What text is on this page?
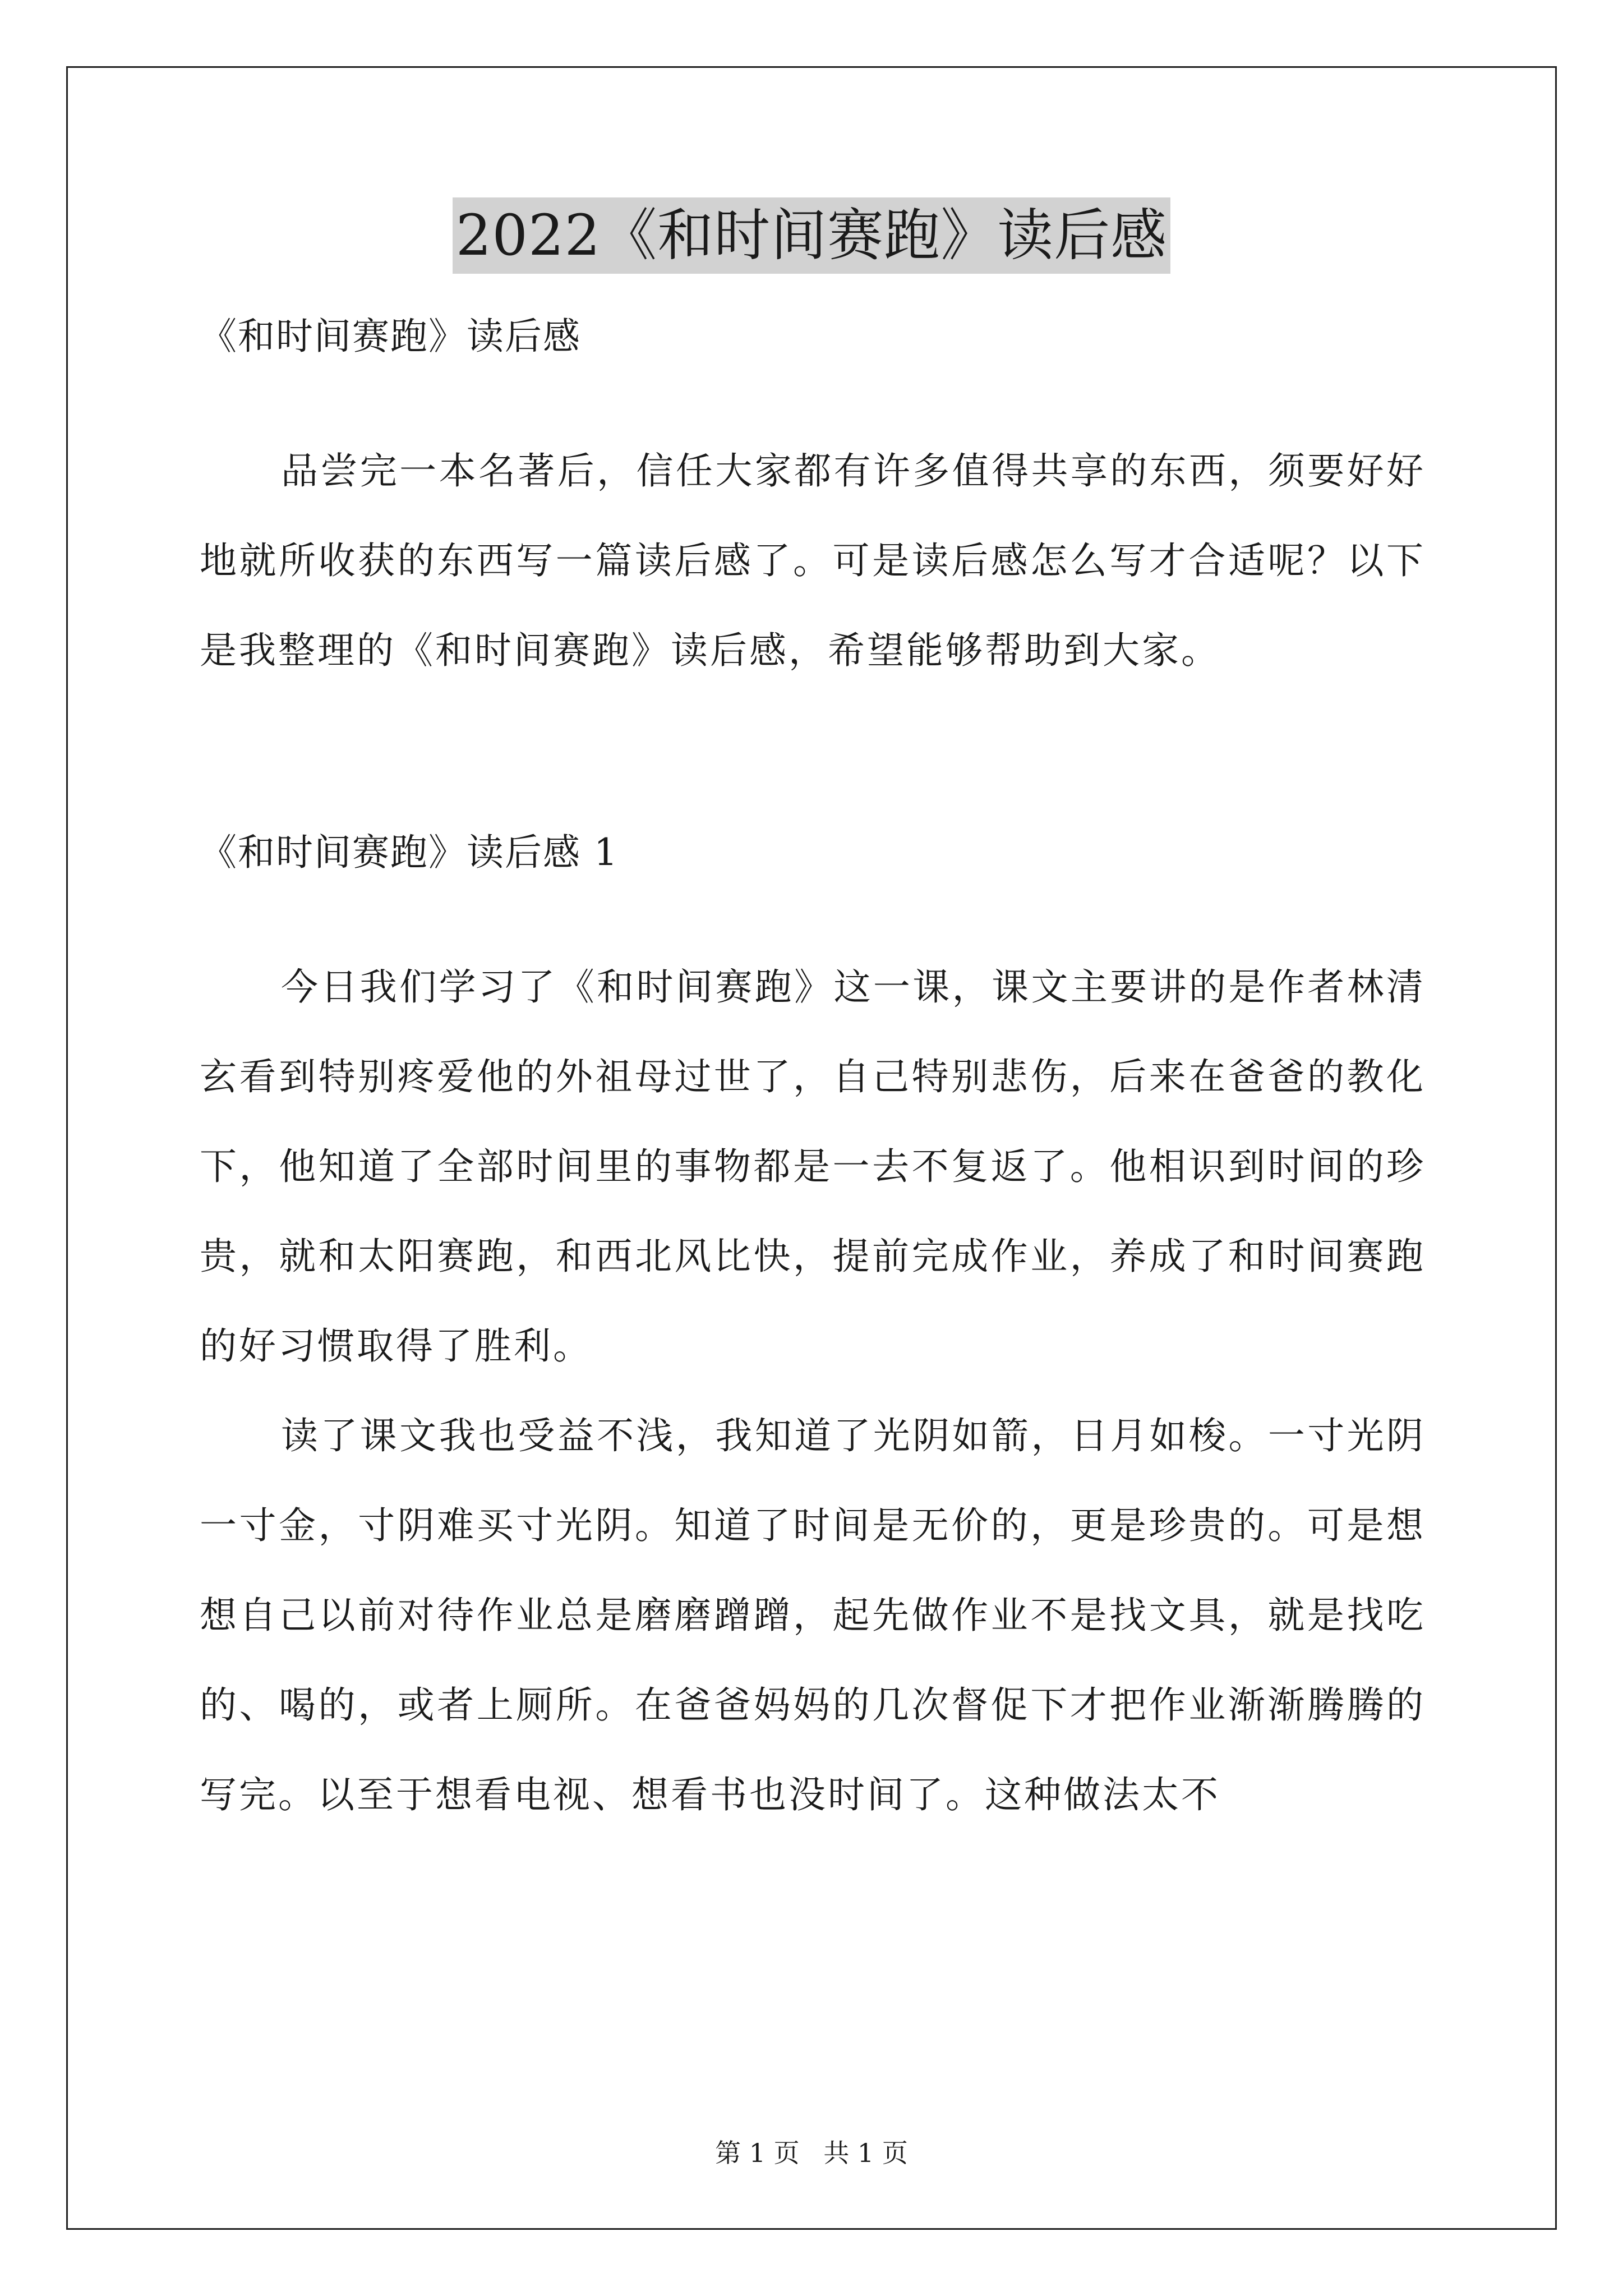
2022《和时间赛跑》读后感

《和时间赛跑》读后感

品尝完一本名著后，信任大家都有许多值得共享的东西，须要好好地就所收获的东西写一篇读后感了。可是读后感怎么写才合适呢？以下是我整理的《和时间赛跑》读后感，希望能够帮助到大家。

《和时间赛跑》读后感 1

今日我们学习了《和时间赛跑》这一课，课文主要讲的是作者林清玄看到特别疼爱他的外祖母过世了，自己特别悲伤，后来在爸爸的教化下，他知道了全部时间里的事物都是一去不复返了。他相识到时间的珍贵，就和太阳赛跑，和西北风比快，提前完成作业，养成了和时间赛跑的好习惯取得了胜利。

读了课文我也受益不浅，我知道了光阴如箭，日月如梭。一寸光阴一寸金，寸阴难买寸光阴。知道了时间是无价的，更是珍贵的。可是想想自己以前对待作业总是磨磨蹭蹭，起先做作业不是找文具，就是找吃的、喝的，或者上厕所。在爸爸妈妈的几次督促下才把作业渐渐腾腾的写完。以至于想看电视、想看书也没时间了。这种做法太不

第 1 页 共 1 页
